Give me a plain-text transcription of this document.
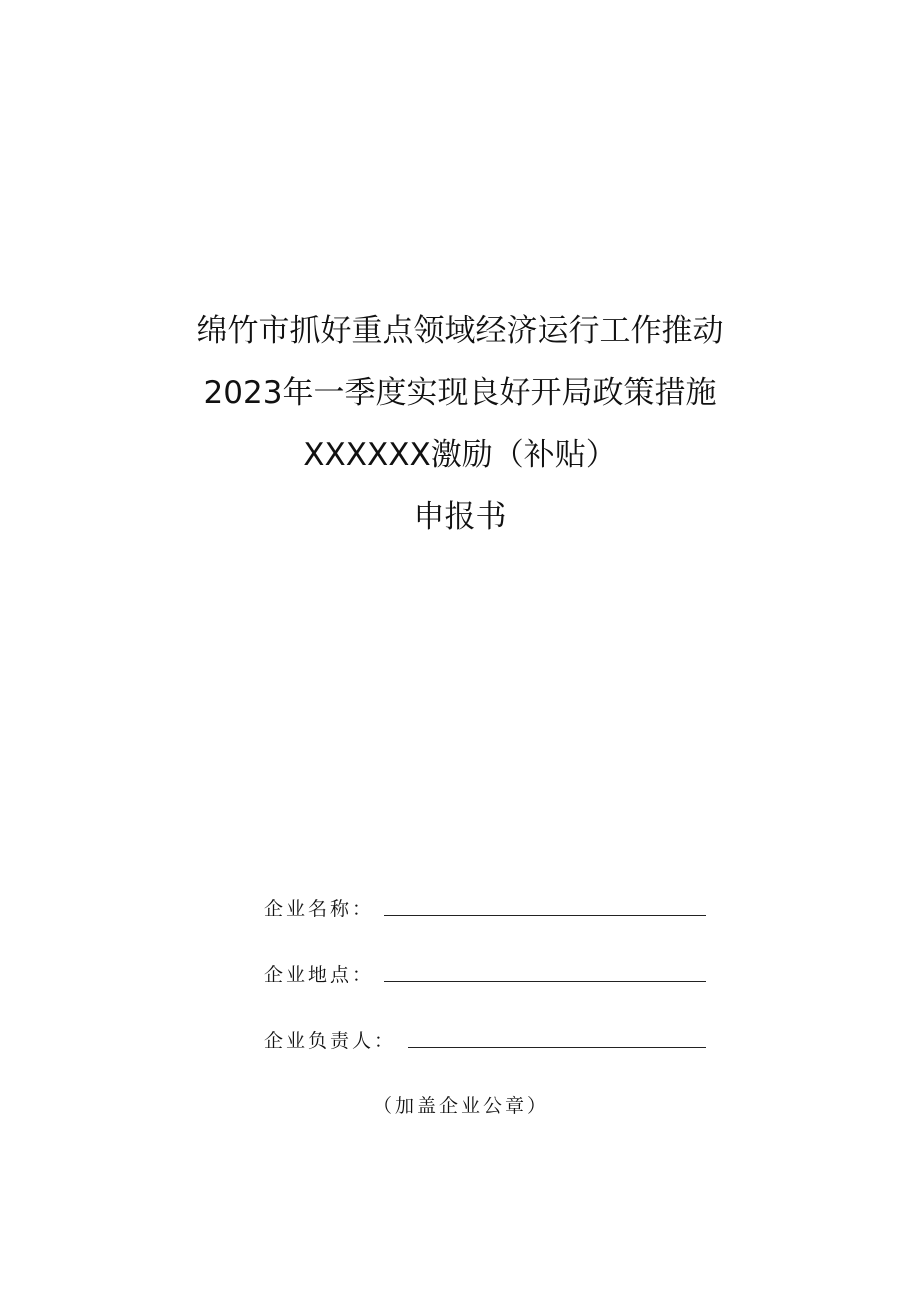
绵竹市抓好重点领域经济运行工作推动
2023年一季度实现良好开局政策措施
XXXXXX激励（补贴）
申报书
企业名称：
企业地点：
企业负责人：
（加盖企业公章）
